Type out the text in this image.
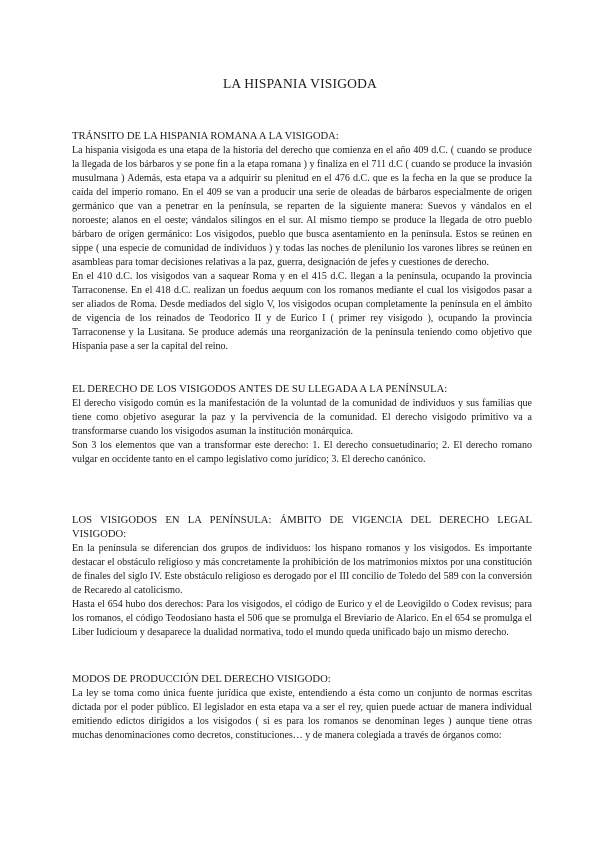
LA HISPANIA VISIGODA

TRÁNSITO DE LA HISPANIA ROMANA A LA VISIGODA:

La hispania visigoda es una etapa de la historia del derecho que comienza en el año 409 d.C. ( cuando se produce la llegada de los bárbaros y se pone fin a la etapa romana ) y finaliza en el 711 d.C ( cuando se produce la invasión musulmana ) Además, esta etapa va a adquirir su plenitud en el 476 d.C. que es la fecha en la que se produce la caída del imperio romano. En el 409 se van a producir una serie de oleadas de bárbaros especialmente de origen germánico que van a penetrar en la península, se reparten de la siguiente manera: Suevos y vándalos en el noroeste; alanos en el oeste; vándalos silingos en el sur. Al mismo tiempo se produce la llegada de otro pueblo bárbaro de origen germánico: Los visigodos, pueblo que busca asentamiento en la península. Estos se reúnen en sippe ( una especie de comunidad de individuos ) y todas las noches de plenilunio los varones libres se reúnen en asambleas para tomar decisiones relativas a la paz, guerra, designación de jefes y cuestiones de derecho.

En el 410 d.C. los visigodos van a saquear Roma y en el 415 d.C. llegan a la península, ocupando la provincia Tarraconense. En el 418 d.C. realizan un foedus aequum con los romanos mediante el cual los visigodos pasar a ser aliados de Roma. Desde mediados del siglo V, los visigodos ocupan completamente la península en el ámbito de vigencia de los reinados de Teodorico II y de Eurico I ( primer rey visigodo ), ocupando la provincia Tarraconense y la Lusitana. Se produce además una reorganización de la península teniendo como objetivo que Hispania pase a ser la capital del reino.

EL DERECHO DE LOS VISIGODOS ANTES DE SU LLEGADA A LA PENÍNSULA:

El derecho visigodo común es la manifestación de la voluntad de la comunidad de individuos y sus familias que tiene como objetivo asegurar la paz y la pervivencia de la comunidad. El derecho visigodo primitivo va a transformarse cuando los visigodos asuman la institución monárquica.

Son 3 los elementos que van a transformar este derecho: 1. El derecho consuetudinario; 2. El derecho romano vulgar en occidente tanto en el campo legislativo como jurídico; 3. El derecho canónico.

LOS VISIGODOS EN LA PENÍNSULA: ÁMBITO DE VIGENCIA DEL DERECHO LEGAL VISIGODO:

En la península se diferencian dos grupos de individuos: los hispano romanos y los visigodos. Es importante destacar el obstáculo religioso y más concretamente la prohibición de los matrimonios mixtos por una constitución de finales del siglo IV. Este obstáculo religioso es derogado por el III concilio de Toledo del 589 con la conversión de Recaredo al catolicismo.

Hasta el 654 hubo dos derechos: Para los visigodos, el código de Eurico y el de Leovigildo o Codex revisus; para los romanos, el código Teodosiano hasta el 506 que se promulga el Breviario de Alarico. En el 654 se promulga el Liber Iudicioum y desaparece la dualidad normativa, todo el mundo queda unificado bajo un mismo derecho.

MODOS DE PRODUCCIÓN DEL DERECHO VISIGODO:

La ley se toma como única fuente jurídica que existe, entendiendo a ésta como un conjunto de normas escritas dictada por el poder público. El legislador en esta etapa va a ser el rey, quien puede actuar de manera individual emitiendo edictos dirigidos a los visigodos ( si es para los romanos se denominan leges ) aunque tiene otras muchas denominaciones como decretos, constituciones… y de manera colegiada a través de órganos como:
